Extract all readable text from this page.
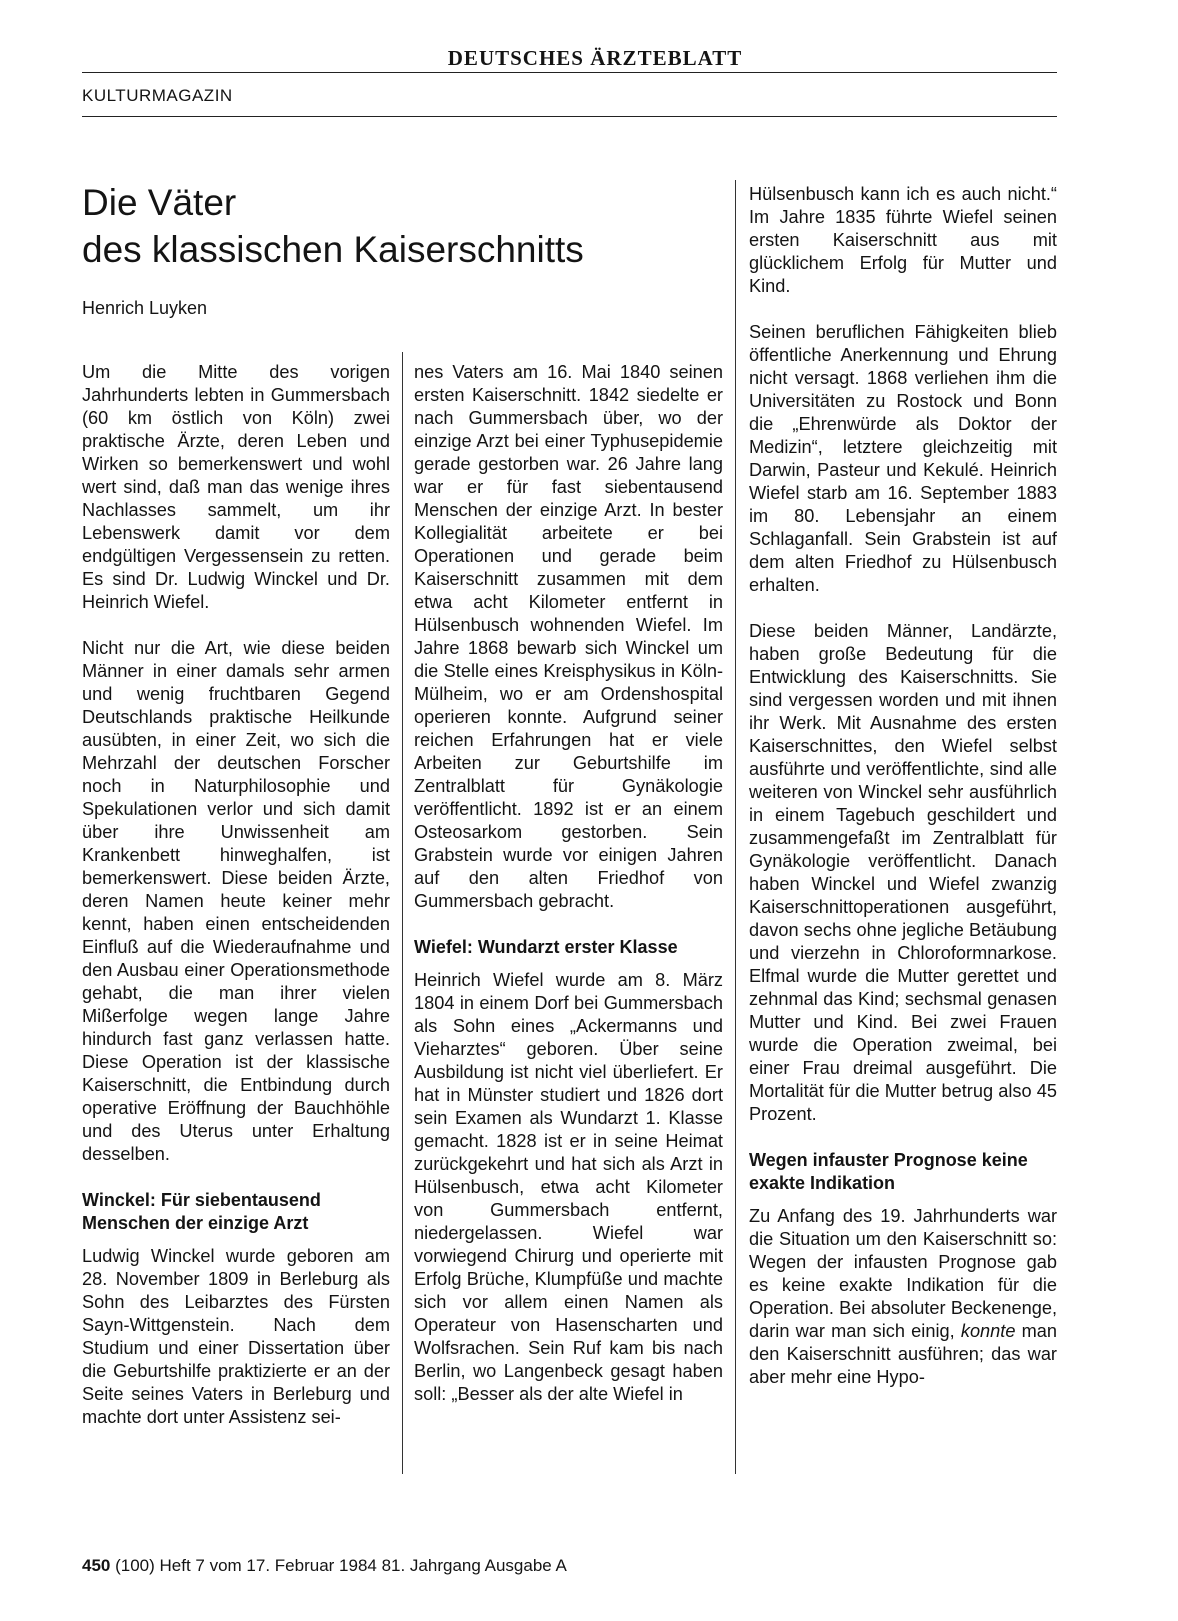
DEUTSCHES ÄRZTEBLATT
KULTURMAGAZIN
Die Väter
des klassischen Kaiserschnitts
Henrich Luyken

Um die Mitte des vorigen Jahrhunderts lebten in Gummersbach (60 km östlich von Köln) zwei praktische Ärzte, deren Leben und Wirken so bemerkenswert und wohl wert sind, daß man das wenige ihres Nachlasses sammelt, um ihr Lebenswerk damit vor dem endgültigen Vergessensein zu retten. Es sind Dr. Ludwig Winckel und Dr. Heinrich Wiefel.

Nicht nur die Art, wie diese beiden Männer in einer damals sehr armen und wenig fruchtbaren Gegend Deutschlands praktische Heilkunde ausübten, in einer Zeit, wo sich die Mehrzahl der deutschen Forscher noch in Naturphilosophie und Spekulationen verlor und sich damit über ihre Unwissenheit am Krankenbett hinweghalfen, ist bemerkenswert. Diese beiden Ärzte, deren Namen heute keiner mehr kennt, haben einen entscheidenden Einfluß auf die Wiederaufnahme und den Ausbau einer Operationsmethode gehabt, die man ihrer vielen Mißerfolge wegen lange Jahre hindurch fast ganz verlassen hatte. Diese Operation ist der klassische Kaiserschnitt, die Entbindung durch operative Eröffnung der Bauchhöhle und des Uterus unter Erhaltung desselben.

Winckel: Für siebentausend Menschen der einzige Arzt

Ludwig Winckel wurde geboren am 28. November 1809 in Berleburg als Sohn des Leibarztes des Fürsten Sayn-Wittgenstein. Nach dem Studium und einer Dissertation über die Geburtshilfe praktizierte er an der Seite seines Vaters in Berleburg und machte dort unter Assistenz sei-

nes Vaters am 16. Mai 1840 seinen ersten Kaiserschnitt. 1842 siedelte er nach Gummersbach über, wo der einzige Arzt bei einer Typhusepidemie gerade gestorben war. 26 Jahre lang war er für fast siebentausend Menschen der einzige Arzt. In bester Kollegialität arbeitete er bei Operationen und gerade beim Kaiserschnitt zusammen mit dem etwa acht Kilometer entfernt in Hülsenbusch wohnenden Wiefel. Im Jahre 1868 bewarb sich Winckel um die Stelle eines Kreisphysikus in Köln-Mülheim, wo er am Ordenshospital operieren konnte. Aufgrund seiner reichen Erfahrungen hat er viele Arbeiten zur Geburtshilfe im Zentralblatt für Gynäkologie veröffentlicht. 1892 ist er an einem Osteosarkom gestorben. Sein Grabstein wurde vor einigen Jahren auf den alten Friedhof von Gummersbach gebracht.

Wiefel: Wundarzt erster Klasse

Heinrich Wiefel wurde am 8. März 1804 in einem Dorf bei Gummersbach als Sohn eines „Ackermanns und Vieharztes“ geboren. Über seine Ausbildung ist nicht viel überliefert. Er hat in Münster studiert und 1826 dort sein Examen als Wundarzt 1. Klasse gemacht. 1828 ist er in seine Heimat zurückgekehrt und hat sich als Arzt in Hülsenbusch, etwa acht Kilometer von Gummersbach entfernt, niedergelassen. Wiefel war vorwiegend Chirurg und operierte mit Erfolg Brüche, Klumpfüße und machte sich vor allem einen Namen als Operateur von Hasenscharten und Wolfsrachen. Sein Ruf kam bis nach Berlin, wo Langenbeck gesagt haben soll: „Besser als der alte Wiefel in

Hülsenbusch kann ich es auch nicht.“ Im Jahre 1835 führte Wiefel seinen ersten Kaiserschnitt aus mit glücklichem Erfolg für Mutter und Kind.

Seinen beruflichen Fähigkeiten blieb öffentliche Anerkennung und Ehrung nicht versagt. 1868 verliehen ihm die Universitäten zu Rostock und Bonn die „Ehrenwürde als Doktor der Medizin“, letztere gleichzeitig mit Darwin, Pasteur und Kekulé. Heinrich Wiefel starb am 16. September 1883 im 80. Lebensjahr an einem Schlaganfall. Sein Grabstein ist auf dem alten Friedhof zu Hülsenbusch erhalten.

Diese beiden Männer, Landärzte, haben große Bedeutung für die Entwicklung des Kaiserschnitts. Sie sind vergessen worden und mit ihnen ihr Werk. Mit Ausnahme des ersten Kaiserschnittes, den Wiefel selbst ausführte und veröffentlichte, sind alle weiteren von Winckel sehr ausführlich in einem Tagebuch geschildert und zusammengefaßt im Zentralblatt für Gynäkologie veröffentlicht. Danach haben Winckel und Wiefel zwanzig Kaiserschnittoperationen ausgeführt, davon sechs ohne jegliche Betäubung und vierzehn in Chloroformnarkose. Elfmal wurde die Mutter gerettet und zehnmal das Kind; sechsmal genasen Mutter und Kind. Bei zwei Frauen wurde die Operation zweimal, bei einer Frau dreimal ausgeführt. Die Mortalität für die Mutter betrug also 45 Prozent.

Wegen infauster Prognose keine exakte Indikation

Zu Anfang des 19. Jahrhunderts war die Situation um den Kaiserschnitt so: Wegen der infausten Prognose gab es keine exakte Indikation für die Operation. Bei absoluter Beckenenge, darin war man sich einig, konnte man den Kaiserschnitt ausführen; das war aber mehr eine Hypo-

450 (100) Heft 7 vom 17. Februar 1984 81. Jahrgang Ausgabe A
